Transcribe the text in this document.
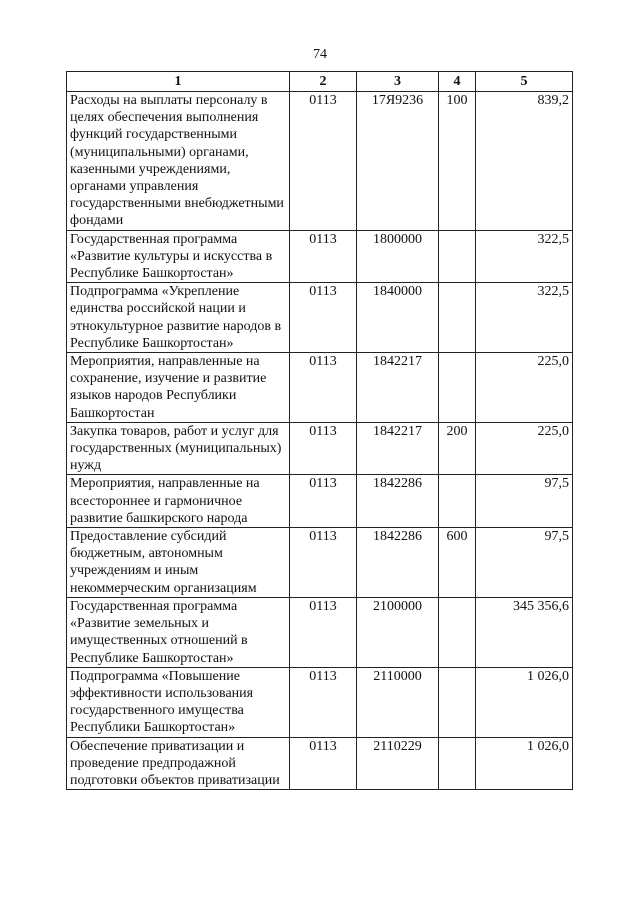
74
1	2	3	4	5
Расходы на выплаты персоналу в целях обеспечения выполнения функций государственными (муниципальными) органами, казенными учреждениями, органами управления государственными внебюджетными фондами	0113	17Я9236	100	839,2
Государственная программа «Развитие культуры и искусства в Республике Башкортостан»	0113	1800000		322,5
Подпрограмма «Укрепление единства российской нации и этнокультурное развитие народов в Республике Башкортостан»	0113	1840000		322,5
Мероприятия, направленные на сохранение, изучение и развитие языков народов Республики Башкортостан	0113	1842217		225,0
Закупка товаров, работ и услуг для государственных (муниципальных) нужд	0113	1842217	200	225,0
Мероприятия, направленные на всестороннее и гармоничное развитие башкирского народа	0113	1842286		97,5
Предоставление субсидий бюджетным, автономным учреждениям и иным некоммерческим организациям	0113	1842286	600	97,5
Государственная программа «Развитие земельных и имущественных отношений в Республике Башкортостан»	0113	2100000		345 356,6
Подпрограмма «Повышение эффективности использования государственного имущества Республики Башкортостан»	0113	2110000		1 026,0
Обеспечение приватизации и проведение предпродажной подготовки объектов приватизации	0113	2110229		1 026,0
